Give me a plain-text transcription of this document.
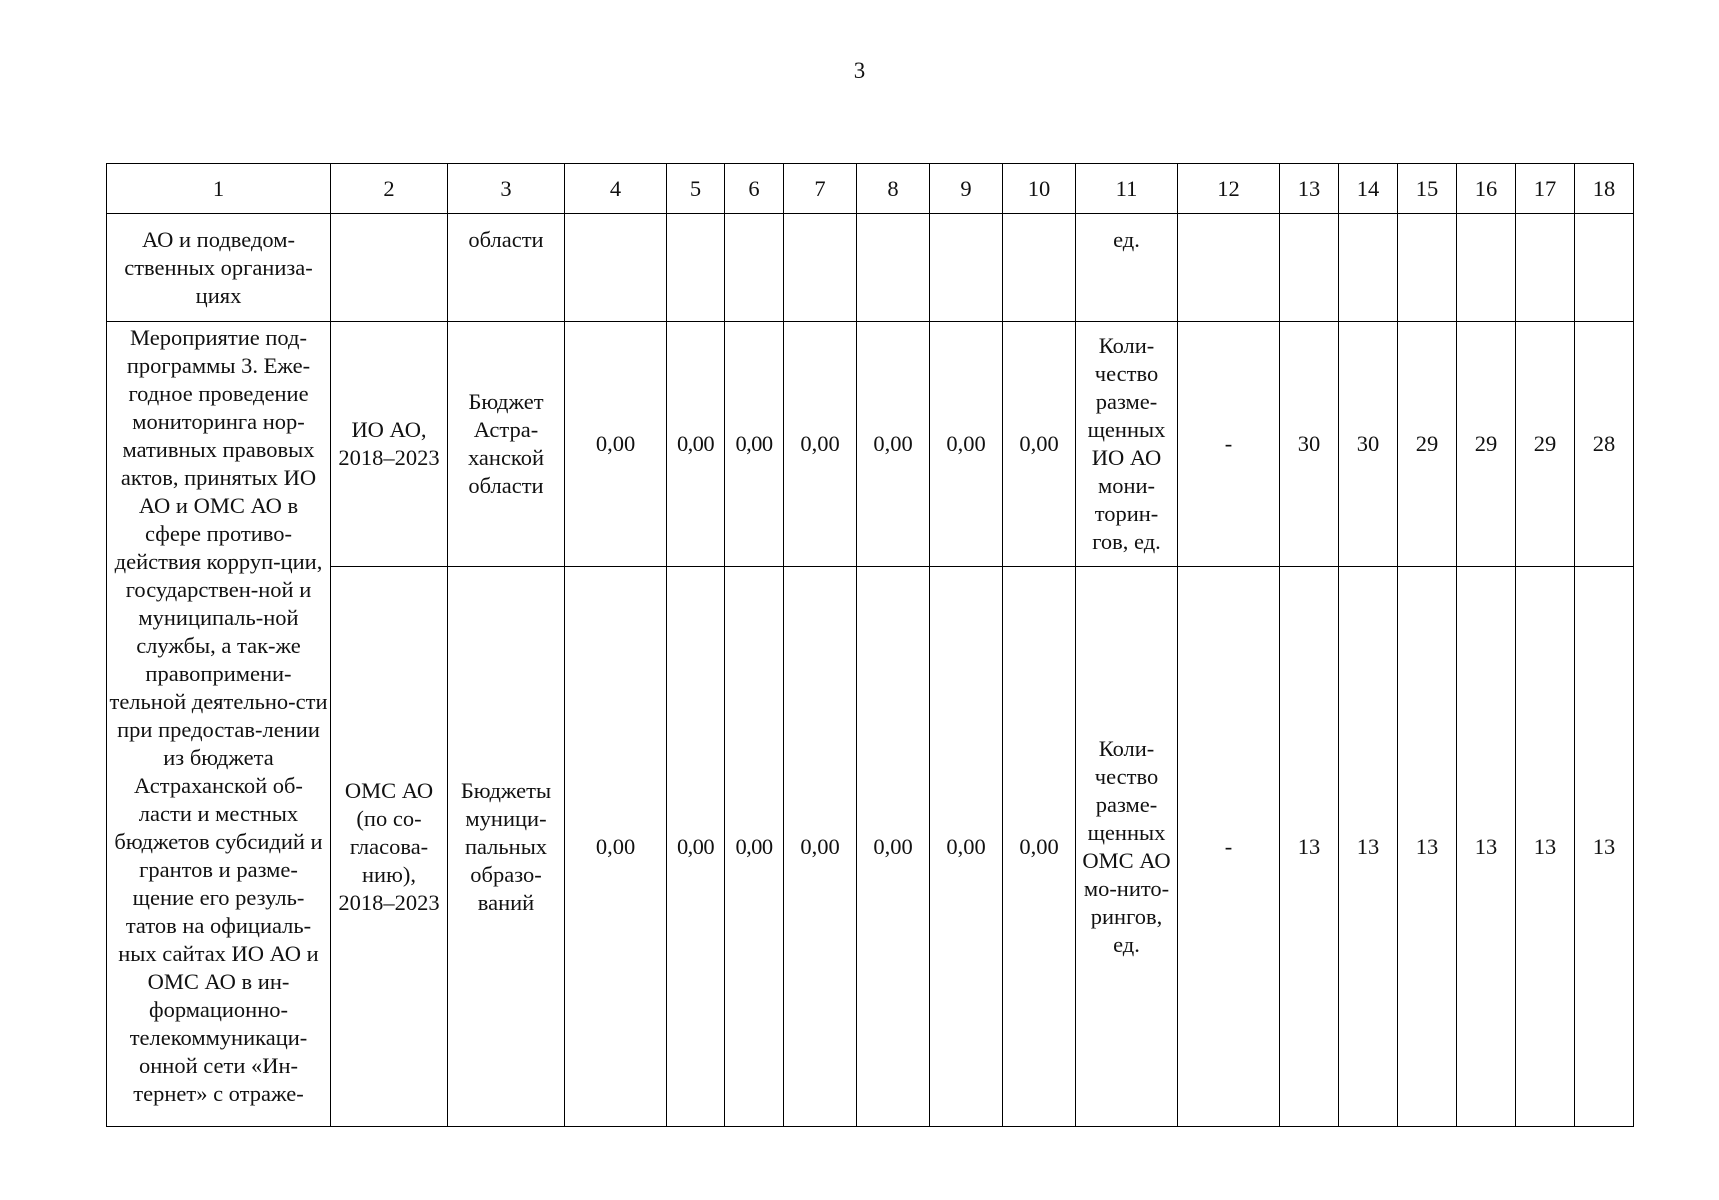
3
1	2	3	4	5	6	7	8	9	10	11	12	13	14	15	16	17	18
АО и подведом-ственных организа-циях		области								ед.							
Мероприятие под-программы 3. Еже-годное проведение мониторинга нор-мативных правовых актов, принятых ИО АО и ОМС АО в сфере противо-действия корруп-ции, государствен-ной и муниципаль-ной службы, а так-же правопримени-тельной деятельно-сти при предостав-лении из бюджета Астраханской об-ласти и местных бюджетов субсидий и грантов и разме-щение его резуль-татов на официаль-ных сайтах ИО АО и ОМС АО в ин-формационно-телекоммуникаци-онной сети «Ин-тернет» с отраже-	ИО АО, 2018–2023	Бюджет Астра-ханской области	0,00	0,00	0,00	0,00	0,00	0,00	0,00	Коли-чество разме-щенных ИО АО мони-торин-гов, ед.	-	30	30	29	29	29	28
	ОМС АО (по со-гласова-нию), 2018–2023	Бюджеты муници-пальных образо-ваний	0,00	0,00	0,00	0,00	0,00	0,00	0,00	Коли-чество разме-щенных ОМС АО мо-нито-рингов, ед.	-	13	13	13	13	13	13
